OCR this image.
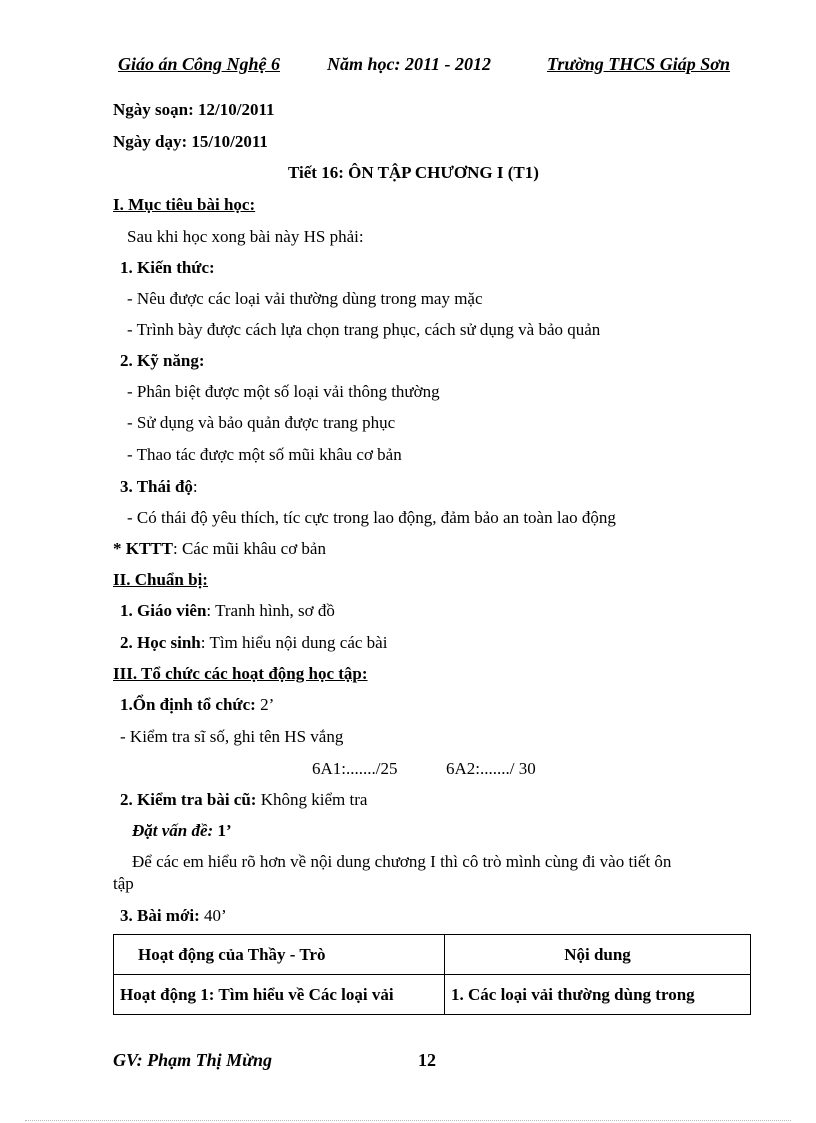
Giáo án Công Nghệ 6	Năm học: 2011 - 2012	Trường THCS Giáp Sơn
Ngày soạn: 12/10/2011
Ngày dạy: 15/10/2011
Tiết 16: ÔN TẬP CHƯƠNG I (T1)
I. Mục tiêu bài học:
Sau khi học xong bài này HS phải:
1. Kiến thức:
- Nêu được các loại vải thường dùng trong may mặc
- Trình bày được cách lựa chọn trang phục, cách sử dụng và bảo quản
2. Kỹ năng:
- Phân biệt được một số loại vải thông thường
- Sử dụng và bảo quản được trang phục
- Thao tác được một số mũi khâu cơ bản
3. Thái độ:
- Có thái độ yêu thích, tíc cực trong lao động, đảm bảo an toàn lao động
* KTTT: Các mũi khâu cơ bản
II. Chuẩn bị:
1. Giáo viên: Tranh hình, sơ đồ
2. Học sinh: Tìm hiểu nội dung các bài
III. Tổ chức các hoạt động học tập:
1.Ổn định tổ chức: 2’
- Kiểm tra sĩ số, ghi tên HS vắng
6A1:......./25	6A2:......./ 30
2. Kiểm tra bài cũ: Không kiểm tra
Đặt vấn đề: 1’
Để các em hiểu rõ hơn về nội dung chương I thì cô trò mình cùng đi vào tiết ôn
tập
3. Bài mới: 40’
Hoạt động của Thầy - Trò	Nội dung
Hoạt động 1: Tìm hiểu về Các loại vải	1. Các loại vải thường dùng trong
GV: Phạm Thị Mừng	12
